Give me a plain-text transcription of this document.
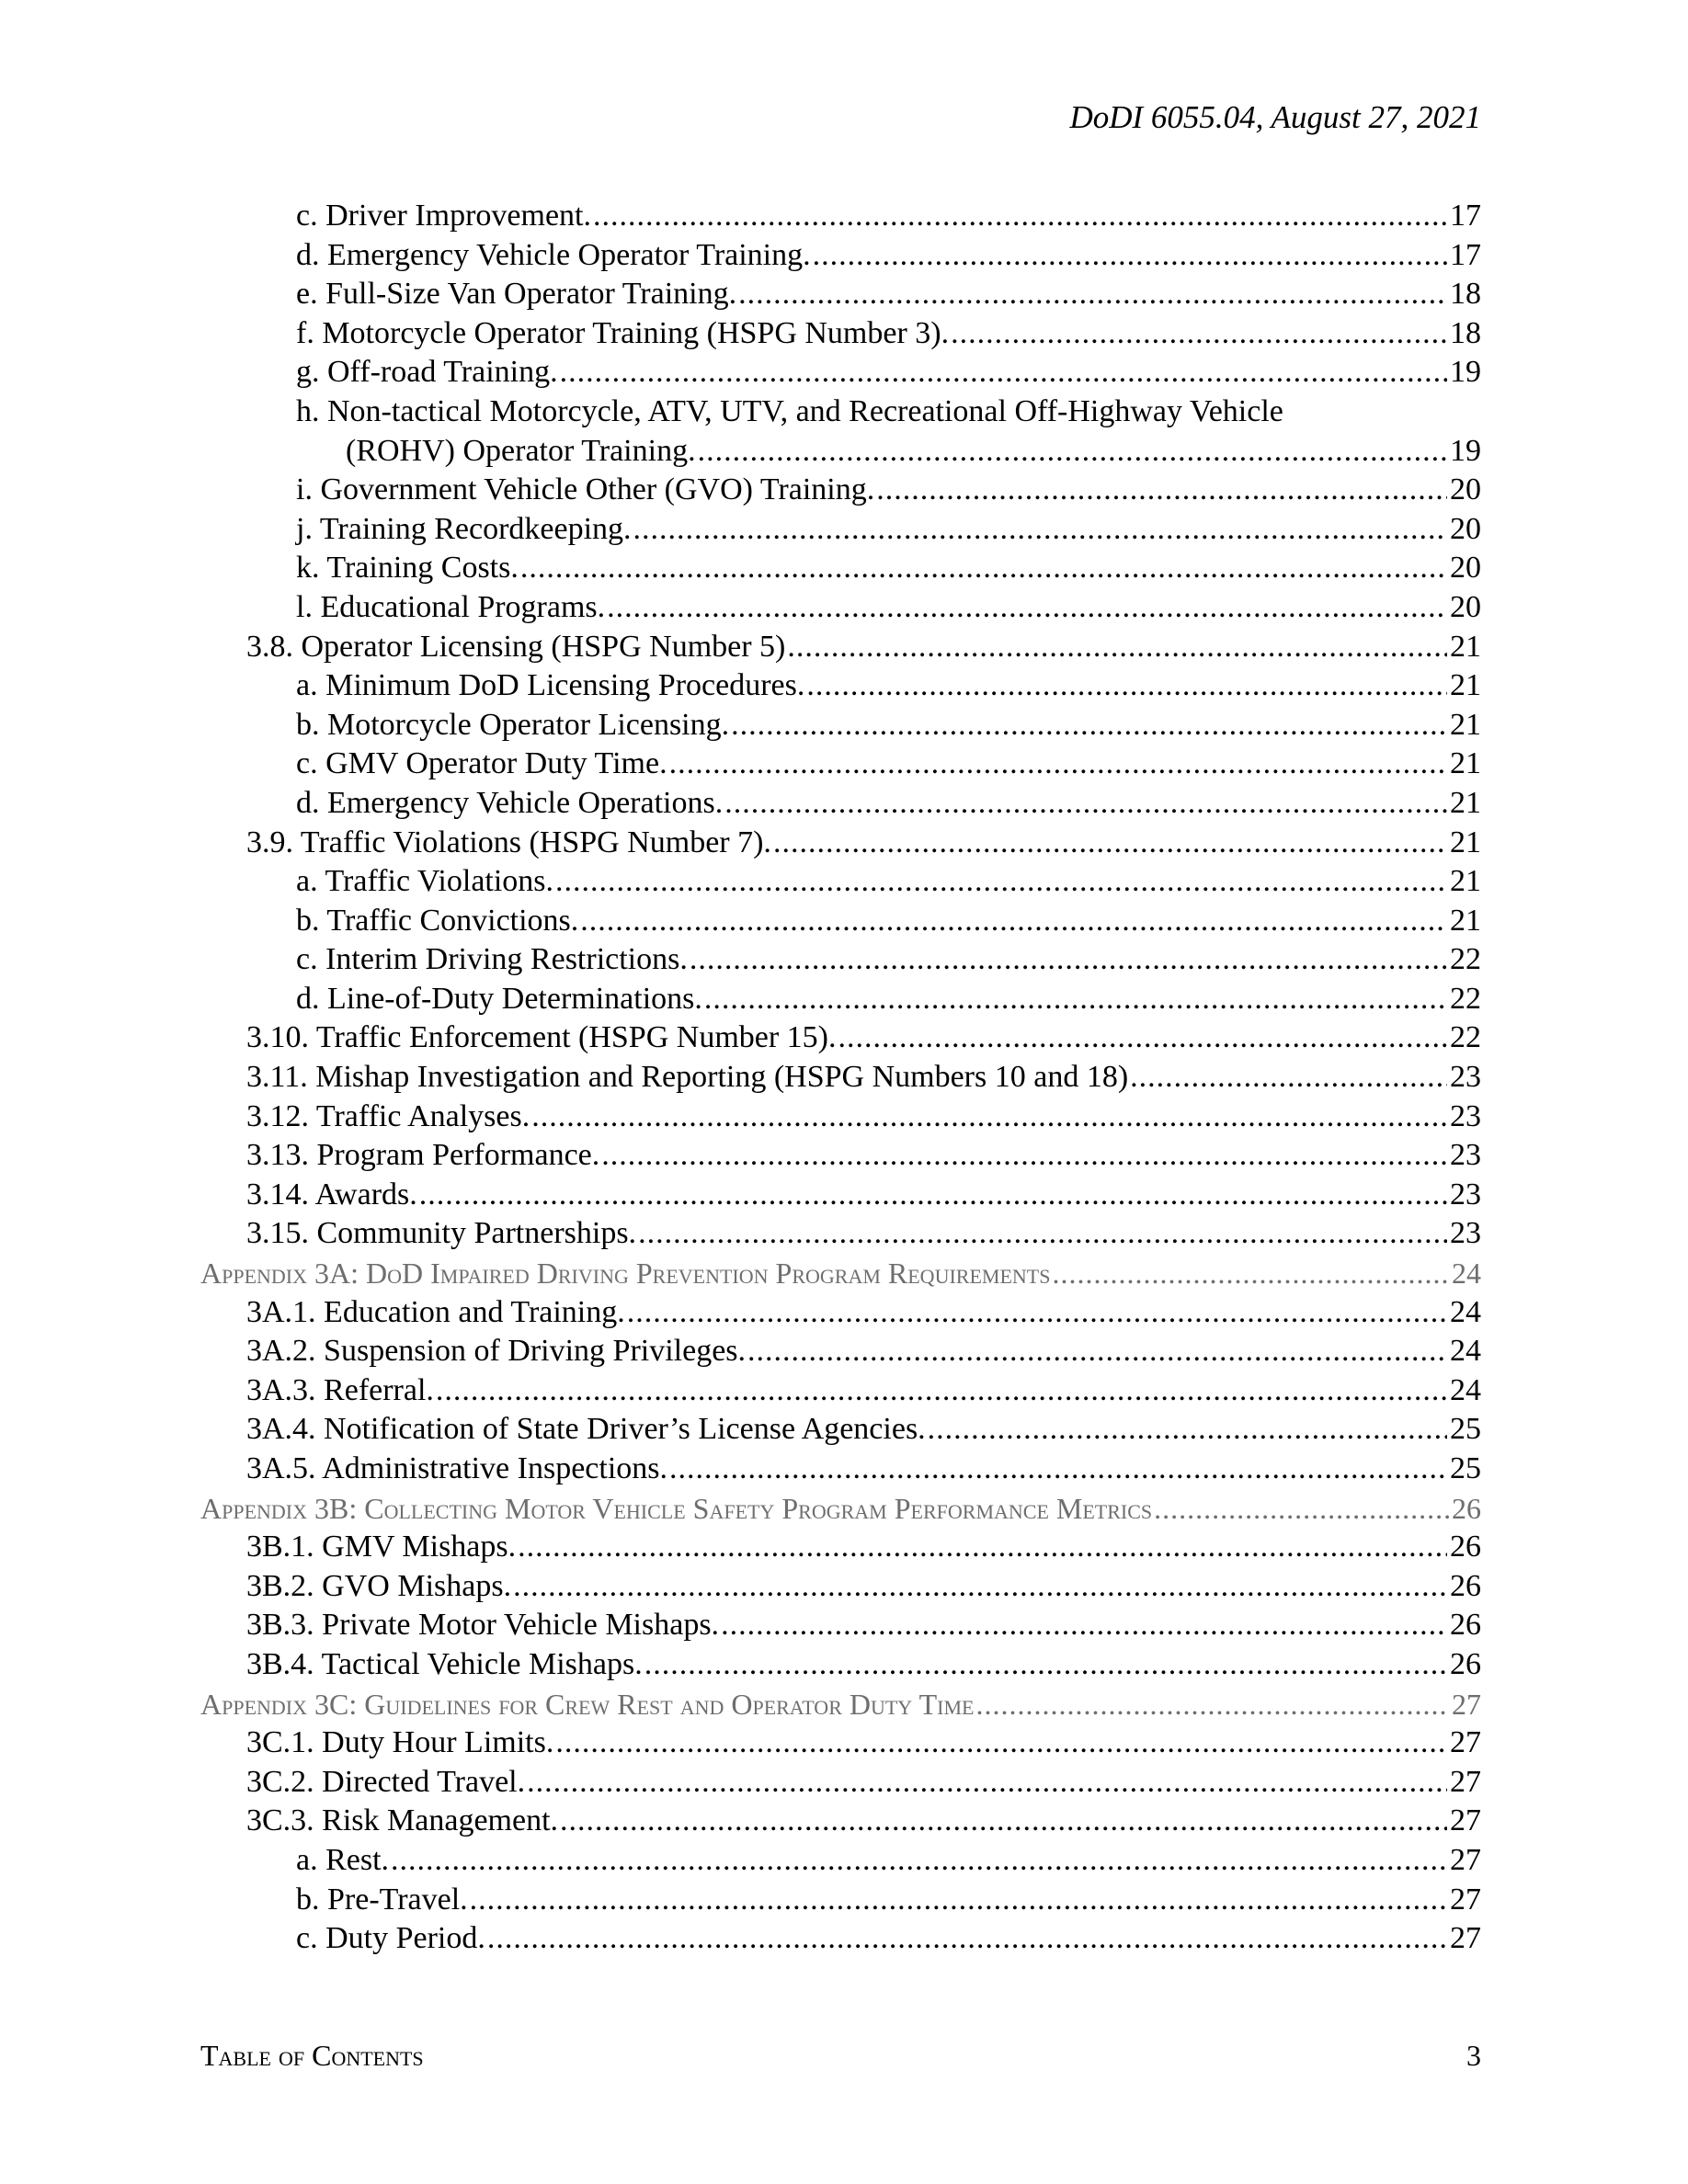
DoDI 6055.04, August 27, 2021
c. Driver Improvement. .....	17
d. Emergency Vehicle Operator Training. .....	17
e. Full-Size Van Operator Training. .....	18
f. Motorcycle Operator Training (HSPG Number 3). .....	18
g. Off-road Training. .....	19
h. Non-tactical Motorcycle, ATV, UTV, and Recreational Off-Highway Vehicle
(ROHV) Operator Training. .....	19
i. Government Vehicle Other (GVO) Training. .....	20
j. Training Recordkeeping. .....	20
k. Training Costs. .....	20
l. Educational Programs. .....	20
3.8. Operator Licensing (HSPG Number 5) .....	21
a. Minimum DoD Licensing Procedures. .....	21
b. Motorcycle Operator Licensing. .....	21
c. GMV Operator Duty Time. .....	21
d. Emergency Vehicle Operations. .....	21
3.9. Traffic Violations (HSPG Number 7). .....	21
a. Traffic Violations. .....	21
b. Traffic Convictions. .....	21
c. Interim Driving Restrictions. .....	22
d. Line-of-Duty Determinations. .....	22
3.10. Traffic Enforcement (HSPG Number 15). .....	22
3.11. Mishap Investigation and Reporting (HSPG Numbers 10 and 18) .....	23
3.12. Traffic Analyses. .....	23
3.13. Program Performance. .....	23
3.14. Awards. .....	23
3.15. Community Partnerships. .....	23
Appendix 3A: DoD Impaired Driving Prevention Program Requirements .....	24
3A.1. Education and Training. .....	24
3A.2. Suspension of Driving Privileges. .....	24
3A.3. Referral. .....	24
3A.4. Notification of State Driver’s License Agencies. .....	25
3A.5. Administrative Inspections. .....	25
Appendix 3B: Collecting Motor Vehicle Safety Program Performance Metrics .....	26
3B.1. GMV Mishaps. .....	26
3B.2. GVO Mishaps. .....	26
3B.3. Private Motor Vehicle Mishaps. .....	26
3B.4. Tactical Vehicle Mishaps. .....	26
Appendix 3C: Guidelines for Crew Rest and Operator Duty Time .....	27
3C.1. Duty Hour Limits. .....	27
3C.2. Directed Travel. .....	27
3C.3. Risk Management. .....	27
a. Rest. .....	27
b. Pre-Travel. .....	27
c. Duty Period. .....	27
Table of Contents	3
